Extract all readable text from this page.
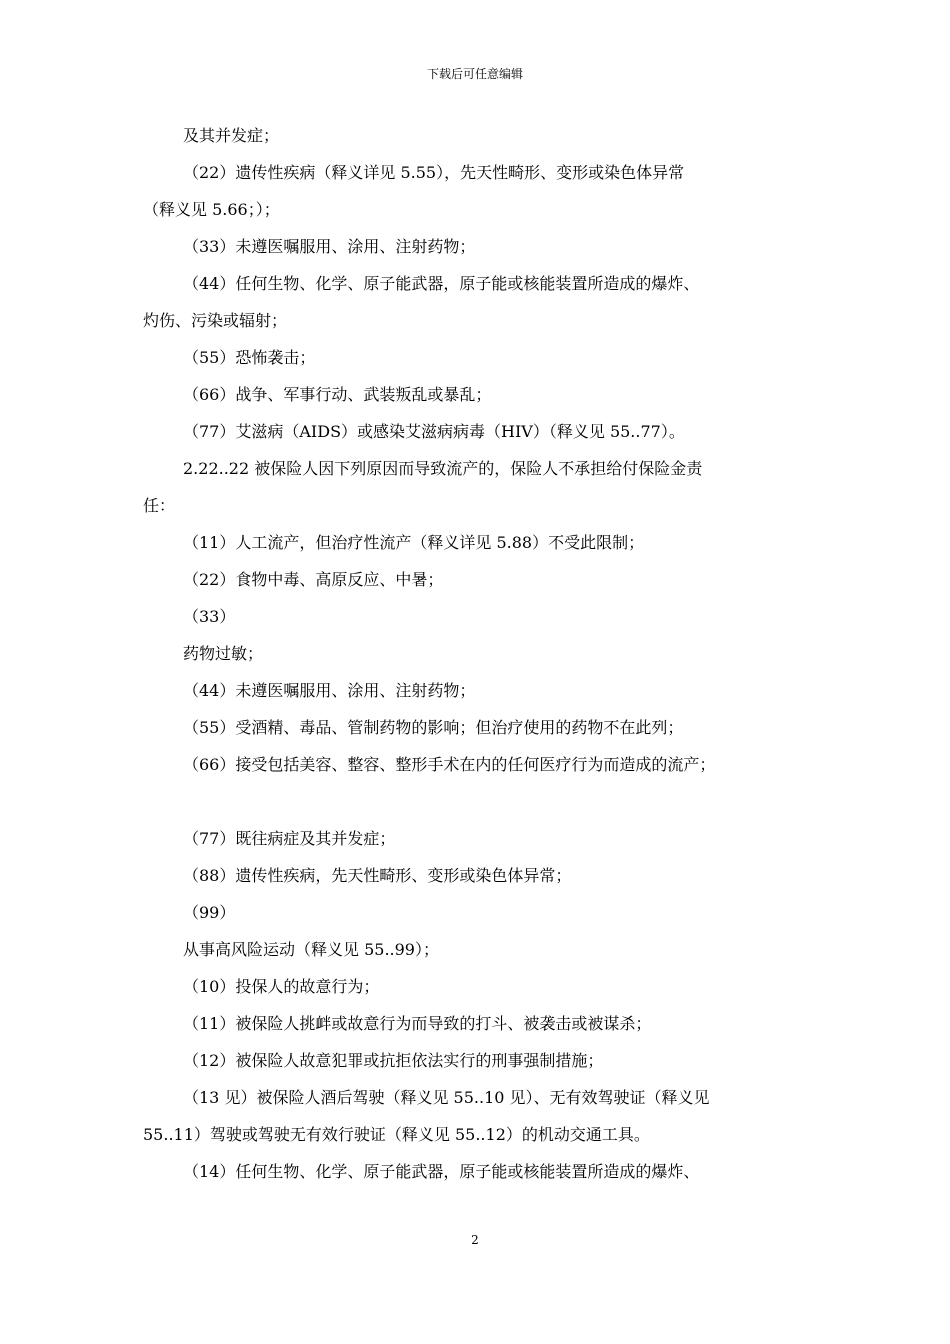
下载后可任意编辑
及其并发症；
（22）遗传性疾病（释义详见 5.55），先天性畸形、变形或染色体异常
（释义见 5.66；）；
（33）未遵医嘱服用、涂用、注射药物；
（44）任何生物、化学、原子能武器，原子能或核能装置所造成的爆炸、
灼伤、污染或辐射；
（55）恐怖袭击；
（66）战争、军事行动、武装叛乱或暴乱；
（77）艾滋病（AIDS）或感染艾滋病病毒（HIV）（释义见 55..77）。
2.22..22 被保险人因下列原因而导致流产的，保险人不承担给付保险金责
任：
（11）人工流产，但治疗性流产（释义详见 5.88）不受此限制；
（22）食物中毒、高原反应、中暑；
（33）
药物过敏；
（44）未遵医嘱服用、涂用、注射药物；
（55）受酒精、毒品、管制药物的影响；但治疗使用的药物不在此列；
（66）接受包括美容、整容、整形手术在内的任何医疗行为而造成的流产；
（77）既往病症及其并发症；
（88）遗传性疾病，先天性畸形、变形或染色体异常；
（99）
从事高风险运动（释义见 55..99）；
（10）投保人的故意行为；
（11）被保险人挑衅或故意行为而导致的打斗、被袭击或被谋杀；
（12）被保险人故意犯罪或抗拒依法实行的刑事强制措施；
（13 见）被保险人酒后驾驶（释义见 55..10 见）、无有效驾驶证（释义见
55..11）驾驶或驾驶无有效行驶证（释义见 55..12）的机动交通工具。
（14）任何生物、化学、原子能武器，原子能或核能装置所造成的爆炸、
2
